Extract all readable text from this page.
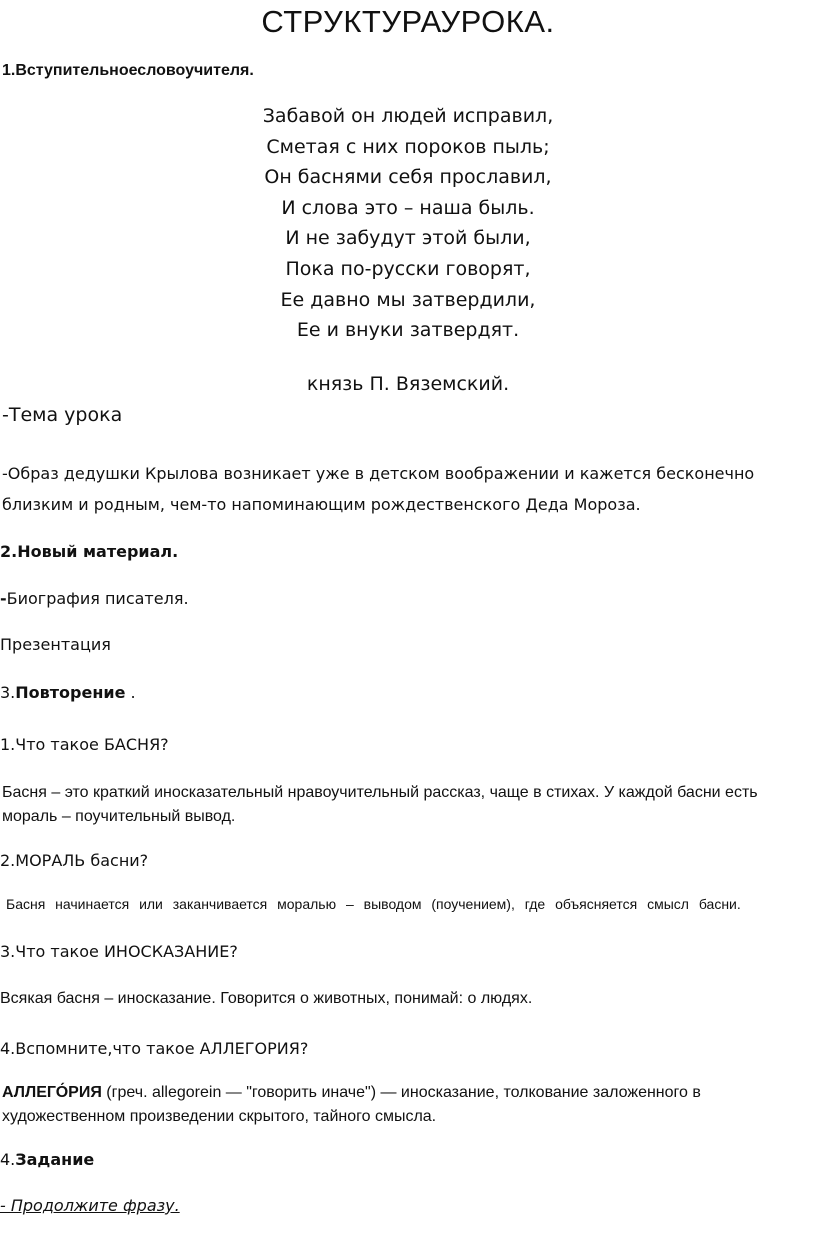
СТРУКТУРАУРОКА.
1.Вступительноесловоучителя.
Забавой он людей исправил,
Сметая с них пороков пыль;
Он баснями себя прославил,
И слова это – наша быль.
И не забудут этой были,
Пока по-русски говорят,
Ее давно мы затвердили,
Ее и внуки затвердят.
князь П. Вяземский.
-Тема урока
-Образ дедушки Крылова возникает уже в детском воображении и кажется бесконечно близким и родным, чем-то напоминающим рождественского Деда Мороза.
2.Новый материал.
-Биография писателя.
Презентация
3.Повторение .
1.Что такое БАСНЯ?
Басня – это краткий иносказательный нравоучительный рассказ, чаще в стихах. У каждой басни есть мораль – поучительный вывод.
2.МОРАЛЬ басни?
Басня начинается или заканчивается моралью – выводом (поучением), где объясняется смысл басни.
3.Что такое ИНОСКАЗАНИЕ?
Всякая басня – иносказание. Говорится о животных, понимай: о людях.
4.Вспомните,что такое АЛЛЕГОРИЯ?
АЛЛЕГО́РИЯ (греч. allegorein — "говорить иначе") — иносказание, толкование заложенного в художественном произведении скрытого, тайного смысла.
4.Задание
- Продолжите фразу.
